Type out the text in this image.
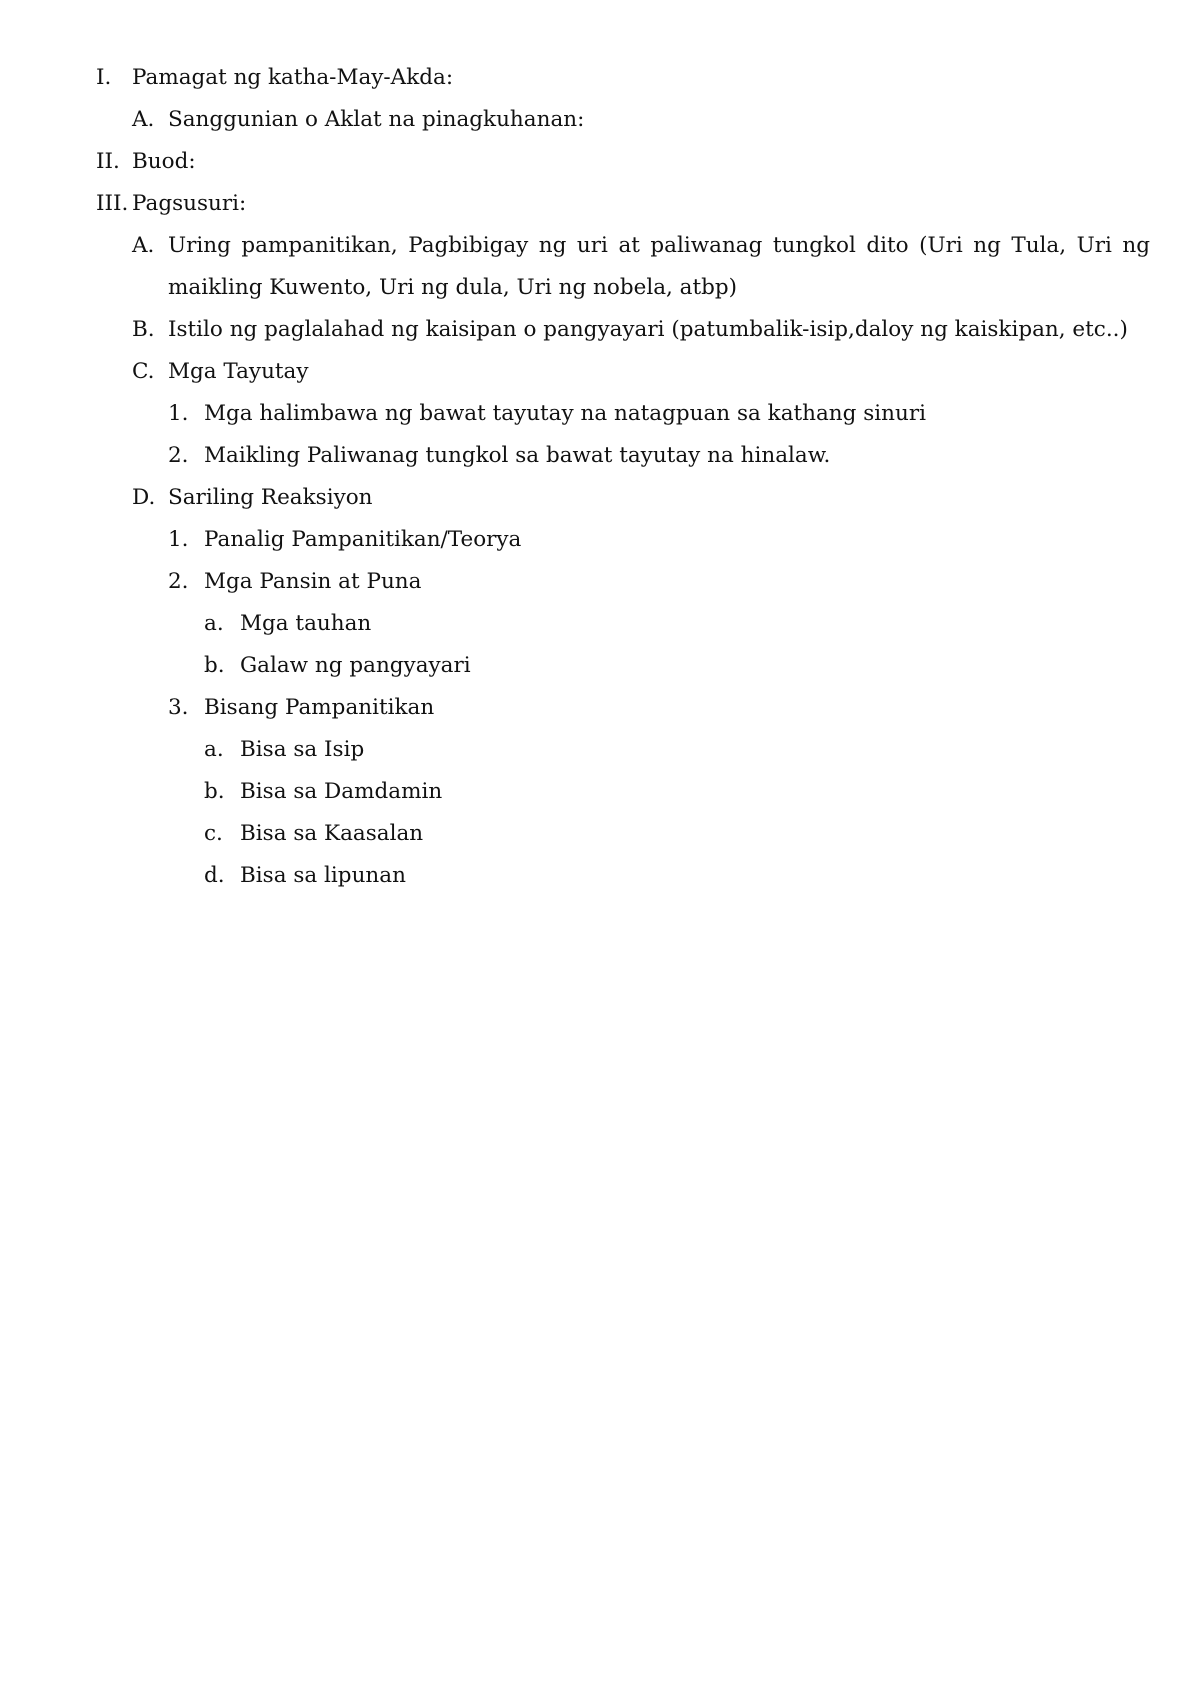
I. Pamagat ng katha-May-Akda:
A. Sanggunian o Aklat na pinagkuhanan:
II. Buod:
III. Pagsusuri:
A. Uring pampanitikan, Pagbibigay ng uri at paliwanag tungkol dito (Uri ng Tula, Uri ng maikling Kuwento, Uri ng dula, Uri ng nobela, atbp)
B. Istilo ng paglalahad ng kaisipan o pangyayari (patumbalik-isip,daloy ng kaiskipan, etc..)
C. Mga Tayutay
1. Mga halimbawa ng bawat tayutay na natagpuan sa kathang sinuri
2. Maikling Paliwanag tungkol sa bawat tayutay na hinalaw.
D. Sariling Reaksiyon
1. Panalig Pampanitikan/Teorya
2. Mga Pansin at Puna
a. Mga tauhan
b. Galaw ng pangyayari
3. Bisang Pampanitikan
a. Bisa sa Isip
b. Bisa sa Damdamin
c. Bisa sa Kaasalan
d. Bisa sa lipunan
